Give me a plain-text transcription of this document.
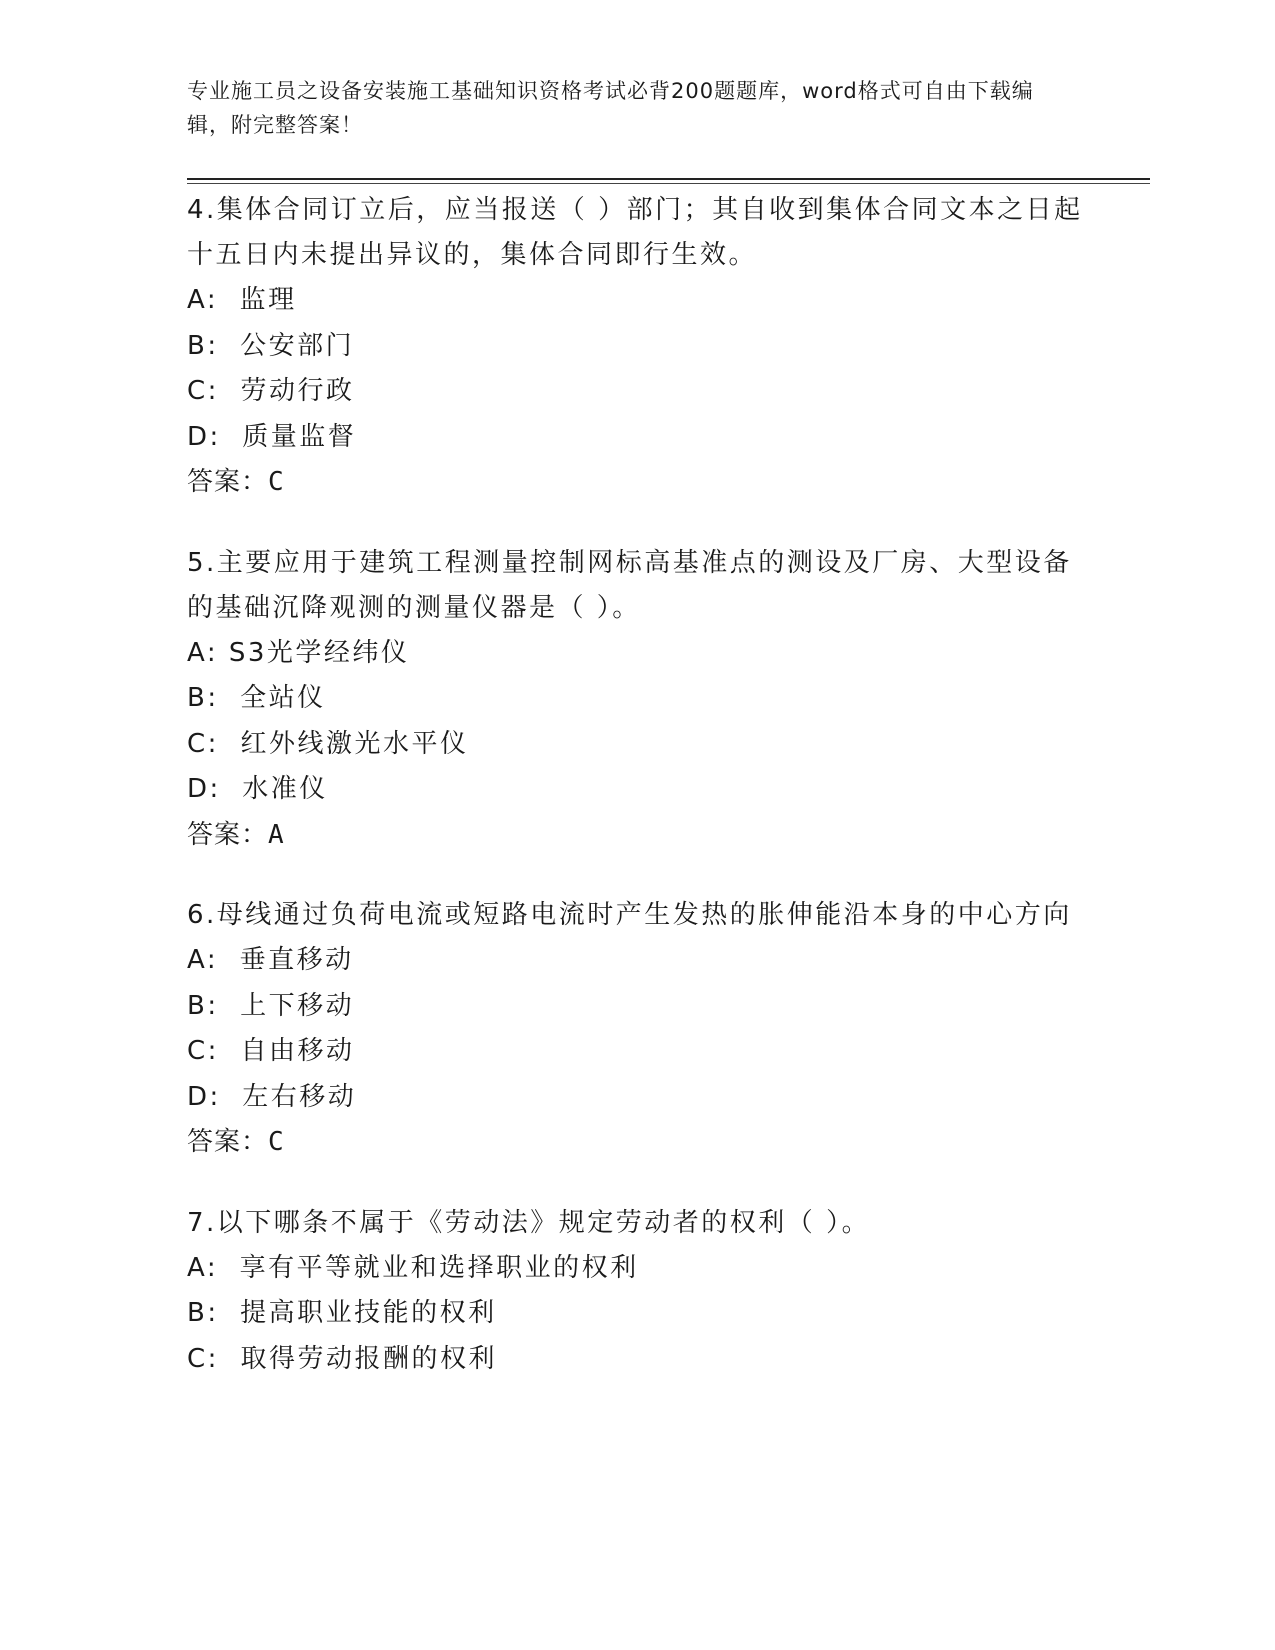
专业施工员之设备安装施工基础知识资格考试必背200题题库，word格式可自由下载编辑，附完整答案！
4.集体合同订立后，应当报送（ ）部门；其自收到集体合同文本之日起十五日内未提出异议的，集体合同即行生效。
A:  监理
B:  公安部门
C:  劳动行政
D:  质量监督
答案：C
5.主要应用于建筑工程测量控制网标高基准点的测设及厂房、大型设备的基础沉降观测的测量仪器是（ ）。
A: S3光学经纬仪
B:  全站仪
C:  红外线激光水平仪
D:  水准仪
答案：A
6.母线通过负荷电流或短路电流时产生发热的胀伸能沿本身的中心方向
A:  垂直移动
B:  上下移动
C:  自由移动
D:  左右移动
答案：C
7.以下哪条不属于《劳动法》规定劳动者的权利（ ）。
A:  享有平等就业和选择职业的权利
B:  提高职业技能的权利
C:  取得劳动报酬的权利
